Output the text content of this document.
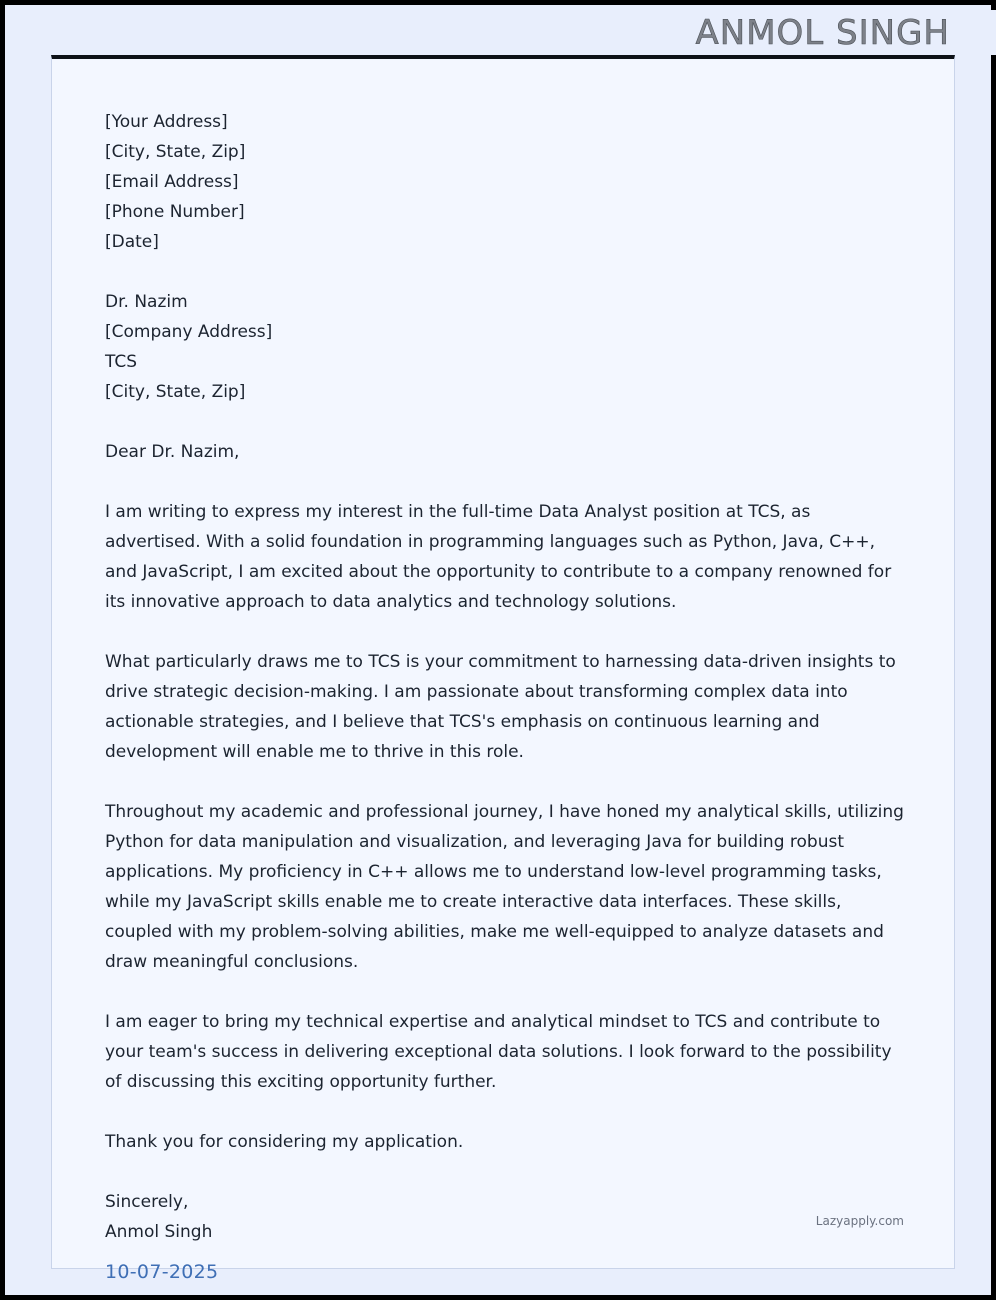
ANMOL SINGH
[Your Address]
[City, State, Zip]
[Email Address]
[Phone Number]
[Date]
Dr. Nazim
[Company Address]
TCS
[City, State, Zip]

Dear Dr. Nazim,

I am writing to express my interest in the full-time Data Analyst position at TCS, as advertised. With a solid foundation in programming languages such as Python, Java, C++, and JavaScript, I am excited about the opportunity to contribute to a company renowned for its innovative approach to data analytics and technology solutions.

What particularly draws me to TCS is your commitment to harnessing data-driven insights to drive strategic decision-making. I am passionate about transforming complex data into actionable strategies, and I believe that TCS's emphasis on continuous learning and development will enable me to thrive in this role.

Throughout my academic and professional journey, I have honed my analytical skills, utilizing Python for data manipulation and visualization, and leveraging Java for building robust applications. My proficiency in C++ allows me to understand low-level programming tasks, while my JavaScript skills enable me to create interactive data interfaces. These skills, coupled with my problem-solving abilities, make me well-equipped to analyze datasets and draw meaningful conclusions.

I am eager to bring my technical expertise and analytical mindset to TCS and contribute to your team's success in delivering exceptional data solutions. I look forward to the possibility of discussing this exciting opportunity further.

Thank you for considering my application.

Sincerely,
Anmol Singh
Lazyapply.com
10-07-2025
